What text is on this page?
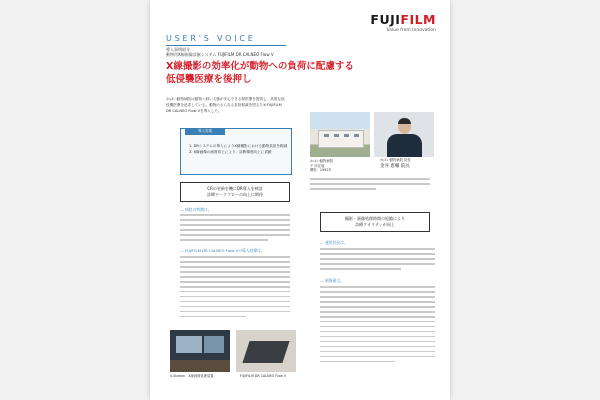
FUJIFILM
Value from Innovation
USER'S VOICE
導入事例紹介
動物用X線画像診断システム FUJIFILM DR CALNEO Flow V
X線撮影の効率化が動物への負荷に配慮する
低侵襲医療を後押し
かはい動物病院は動物と飼い主様が安心できる獣医療を提供し、高度な低侵襲医療を追求している。動物のさらなる負担軽減を図るためFUJIFILM DR CALNEO Flow Vを導入した。
1. DRシステムの導入によりX線撮影における動物負担を軽減
2. X線画像の画質向上により、診断精度向上に貢献
導入効果
かはい動物病院
〒 所在地
開院：1992年
かはい動物病院 院長
金井 恵輔 院長
CRの更新を機にDR導入を検討
診療ワークフローの向上に期待
— 病院の特徴は。
— FUJIFILM DR CALNEO Flow Vの導入経緯は。
V-Station：X線画像処理装置	FUJIFILM DR CALNEO Flow V
撮影・画像処理時間の短縮により
診療クオリティが向上
— 運用状況は。
— 画質面は。
